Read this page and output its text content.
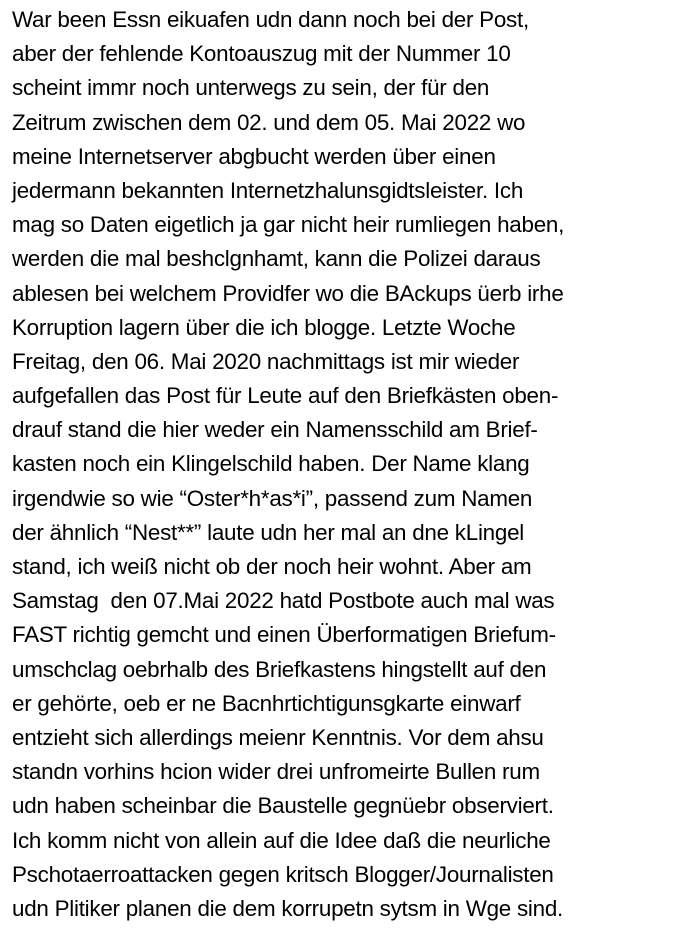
War been Essn eikuafen udn dann noch bei der Post,
aber der fehlende Kontoauszug mit der Nummer 10
scheint immr noch unterwegs zu sein, der für den
Zeitrum zwischen dem 02. und dem 05. Mai 2022 wo
meine Internetserver abgbucht werden über einen
jedermann bekannten Internetzhalunsgidtsleister. Ich
mag so Daten eigetlich ja gar nicht heir rumliegen haben,
werden die mal beshclgnhamt, kann die Polizei daraus
ablesen bei welchem Providfer wo die BAckups üerb irhe
Korruption lagern über die ich blogge. Letzte Woche
Freitag, den 06. Mai 2020 nachmittags ist mir wieder
aufgefallen das Post für Leute auf den Briefkästen oben-
drauf stand die hier weder ein Namensschild am Brief-
kasten noch ein Klingelschild haben. Der Name klang
irgendwie so wie “Oster*h*as*i”, passend zum Namen
der ähnlich “Nest**” laute udn her mal an dne kLingel
stand, ich weiß nicht ob der noch heir wohnt. Aber am
Samstag  den 07.Mai 2022 hatd Postbote auch mal was
FAST richtig gemcht und einen Überformatigen Briefum-
umschclag oebrhalb des Briefkastens hingstellt auf den
er gehörte, oeb er ne Bacnhrtichtigunsgkarte einwarf
entzieht sich allerdings meienr Kenntnis. Vor dem ahsu
standn vorhins hcion wider drei unfromeirte Bullen rum
udn haben scheinbar die Baustelle gegnüebr observiert.
Ich komm nicht von allein auf die Idee daß die neurliche
Pschotaerroattacken gegen kritsch Blogger/Journalisten
udn Plitiker planen die dem korrupetn sytsm in Wge sind.
